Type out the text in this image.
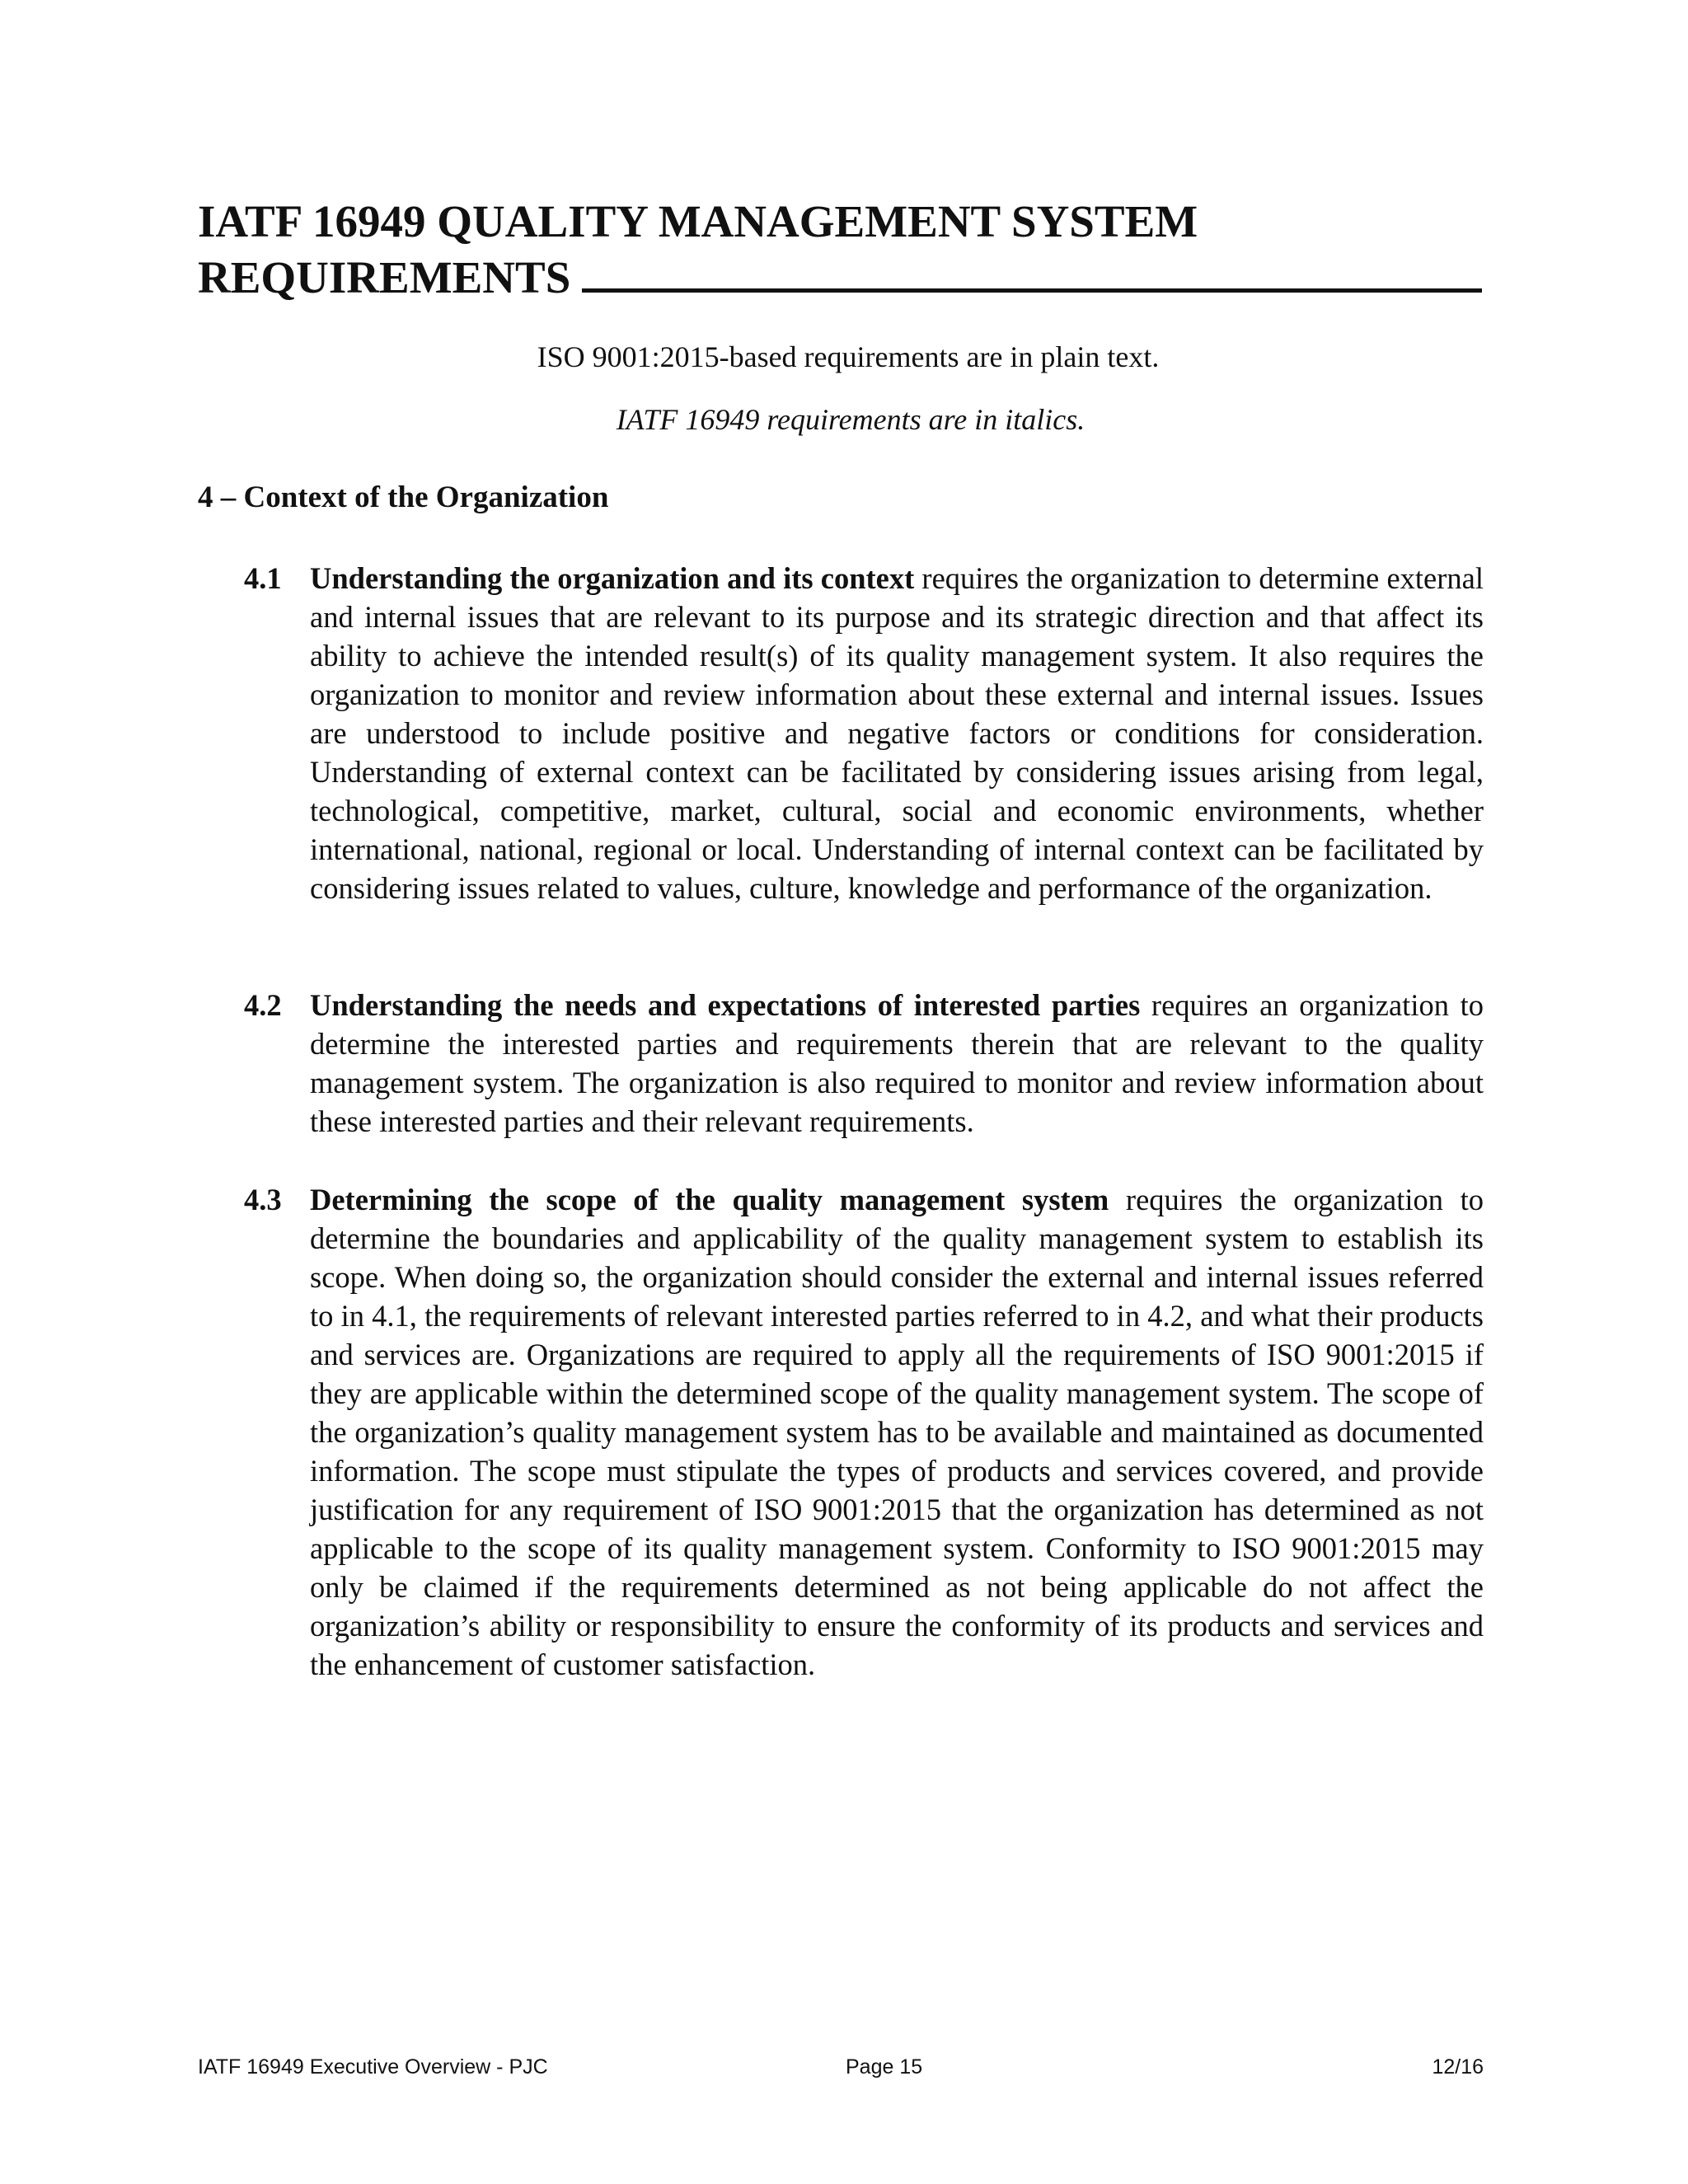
IATF 16949 QUALITY MANAGEMENT SYSTEM
REQUIREMENTS

ISO 9001:2015-based requirements are in plain text.

IATF 16949 requirements are in italics.

4 – Context of the Organization
4.1 Understanding the organization and its context requires the organization to determine external and internal issues that are relevant to its purpose and its strategic direction and that affect its ability to achieve the intended result(s) of its quality management system. It also requires the organization to monitor and review information about these external and internal issues. Issues are understood to include positive and negative factors or conditions for consideration. Understanding of external context can be facilitated by considering issues arising from legal, technological, competitive, market, cultural, social and economic environments, whether international, national, regional or local. Understanding of internal context can be facilitated by considering issues related to values, culture, knowledge and performance of the organization.
4.2 Understanding the needs and expectations of interested parties requires an organization to determine the interested parties and requirements therein that are relevant to the quality management system. The organization is also required to monitor and review information about these interested parties and their relevant requirements.
4.3 Determining the scope of the quality management system requires the organization to determine the boundaries and applicability of the quality management system to establish its scope. When doing so, the organization should consider the external and internal issues referred to in 4.1, the requirements of relevant interested parties referred to in 4.2, and what their products and services are. Organizations are required to apply all the requirements of ISO 9001:2015 if they are applicable within the determined scope of the quality management system. The scope of the organization’s quality management system has to be available and maintained as documented information. The scope must stipulate the types of products and services covered, and provide justification for any requirement of ISO 9001:2015 that the organization has determined as not applicable to the scope of its quality management system. Conformity to ISO 9001:2015 may only be claimed if the requirements determined as not being applicable do not affect the organization’s ability or responsibility to ensure the conformity of its products and services and the enhancement of customer satisfaction.

IATF 16949 Executive Overview - PJC	Page 15	12/16
